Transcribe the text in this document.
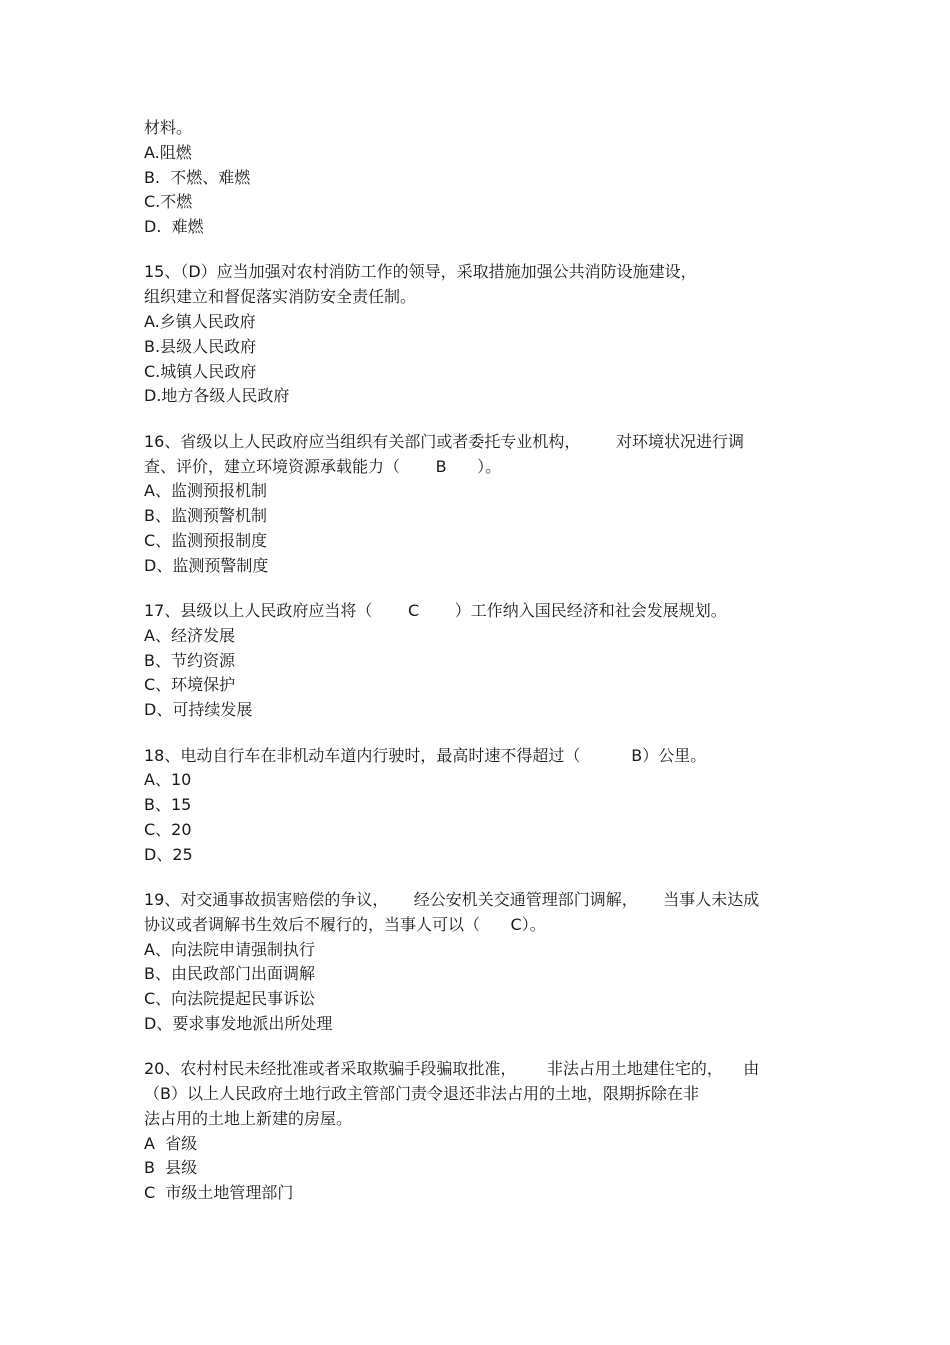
材料。
A.阻燃
B.  不燃、难燃
C.不燃
D.  难燃
15、（D）应当加强对农村消防工作的领导，采取措施加强公共消防设施建设，
组织建立和督促落实消防安全责任制。
A.乡镇人民政府
B.县级人民政府
C.城镇人民政府
D.地方各级人民政府
16、省级以上人民政府应当组织有关部门或者委托专业机构，       对环境状况进行调
查、评价，建立环境资源承载能力（       B      ）。
A、监测预报机制
B、监测预警机制
C、监测预报制度
D、监测预警制度
17、县级以上人民政府应当将（       C       ）工作纳入国民经济和社会发展规划。
A、经济发展
B、节约资源
C、环境保护
D、可持续发展
18、电动自行车在非机动车道内行驶时，最高时速不得超过（          B）公里。
A、10
B、15
C、20
D、25
19、对交通事故损害赔偿的争议，     经公安机关交通管理部门调解，     当事人未达成
协议或者调解书生效后不履行的，当事人可以（      C）。
A、向法院申请强制执行
B、由民政部门出面调解
C、向法院提起民事诉讼
D、要求事发地派出所处理
20、农村村民未经批准或者采取欺骗手段骗取批准，      非法占用土地建住宅的，    由
（B）以上人民政府土地行政主管部门责令退还非法占用的土地，限期拆除在非
法占用的土地上新建的房屋。
A  省级
B  县级
C  市级土地管理部门
